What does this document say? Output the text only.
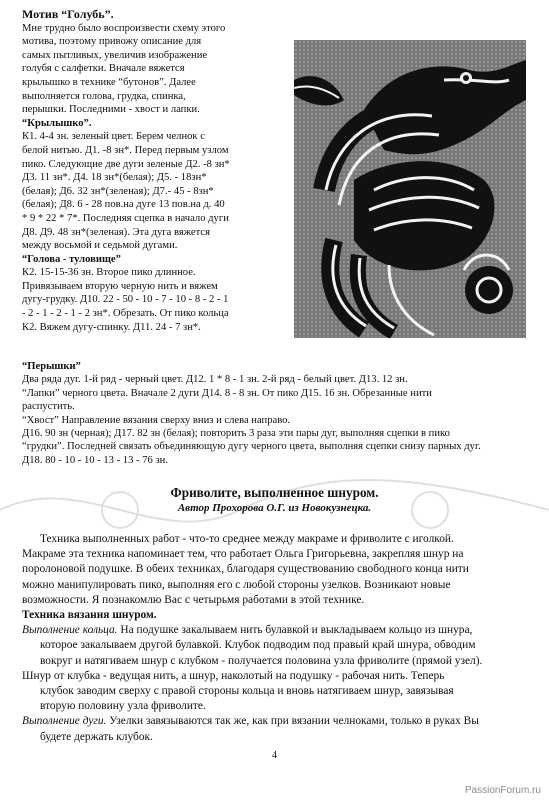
Мотив “Голубь”.

Мне трудно было воспроизвести схему этого

мотива, поэтому привожу описание для

самых пытливых, увеличив изображение

голубя с салфетки. Вначале вяжется

крылышко в технике “бутонов”. Далее

выполняется голова, грудка, спинка,

перышки. Последними - хвост и лапки.

“Крылышко”.

К1. 4-4 зн. зеленый цвет. Берем челнок с

белой нитью. Д1. -8 зн*. Перед первым узлом

пико. Следующие две дуги зеленые Д2. -8 зн*

Д3. 11 зн*. Д4. 18 зн*(белая); Д5. - 18зн*

(белая); Д6. 32 зн*(зеленая); Д7.- 45 - 8зн*

(белая); Д8. 6 - 28 пов.на дуге 13 пов.на д. 40

* 9 * 22 * 7*. Последняя сцепка в начало дуги

Д8. Д9. 48 зн*(зеленая). Эта дуга вяжется

между восьмой и седьмой дугами.

“Голова - туловище”

К2. 15-15-36 зн. Второе пико длинное.

Привязываем вторую черную нить и вяжем

дугу-грудку. Д10. 22 - 50 - 10 - 7 - 10 - 8 - 2 - 1

- 2 - 1 - 2 - 1 - 2 зн*. Обрезать. От пико кольца

К2. Вяжем дугу-спинку. Д11. 24 - 7 зн*.

“Перышки”

Два ряда дуг. 1-й ряд - черный цвет. Д12. 1 * 8 - 1 зн. 2-й ряд - белый цвет. Д13. 12 зн.

“Лапки” черного цвета. Вначале 2 дуги Д14. 8 - 8 зн. От пико Д15. 16 зн. Обрезанные нити

распустить.

“Хвост” Направление вязания сверху вниз и слева направо.

Д16. 90 зн (черная); Д17. 82 зн (белая); повторить 3 раза эти пары дуг, выполняя сцепки в пико

“грудки”. Последней связать объединяющую дугу черного цвета, выполняя сцепки снизу парных дуг.

Д18. 80 - 10 - 10 - 13 - 13 - 76 зн.

Фриволите, выполненное шнуром.

Автор Прохорова О.Г. из Новокузнецка.

Техника выполненных работ - что-то среднее между макраме и фриволите с иголкой.

Макраме эта техника напоминает тем, что работает Ольга Григорьевна, закрепляя шнур на

поролоновой подушке. В обеих техниках, благодаря существованию свободного конца нити

можно манипулировать пико, выполняя его с любой стороны узелков. Возникают новые

возможности. Я познакомлю Вас с четырьмя работами в этой технике.

Техника вязания шнуром.

Выполнение кольца. На подушке закалываем нить булавкой и выкладываем кольцо из шнура,

которое закалываем другой булавкой. Клубок подводим под правый край шнура, обводим

вокруг и натягиваем шнур с клубком - получается половина узла фриволите (прямой узел).

Шнур от клубка - ведущая нить, а шнур, наколотый на подушку - рабочая нить. Теперь

клубок заводим сверху с правой стороны кольца и вновь натягиваем шнур, завязывая

вторую половину узла фриволите.

Выполнение дуги. Узелки завязываются так же, как при вязании челноками, только в руках Вы

будете держать клубок.

4
PassionForum.ru
